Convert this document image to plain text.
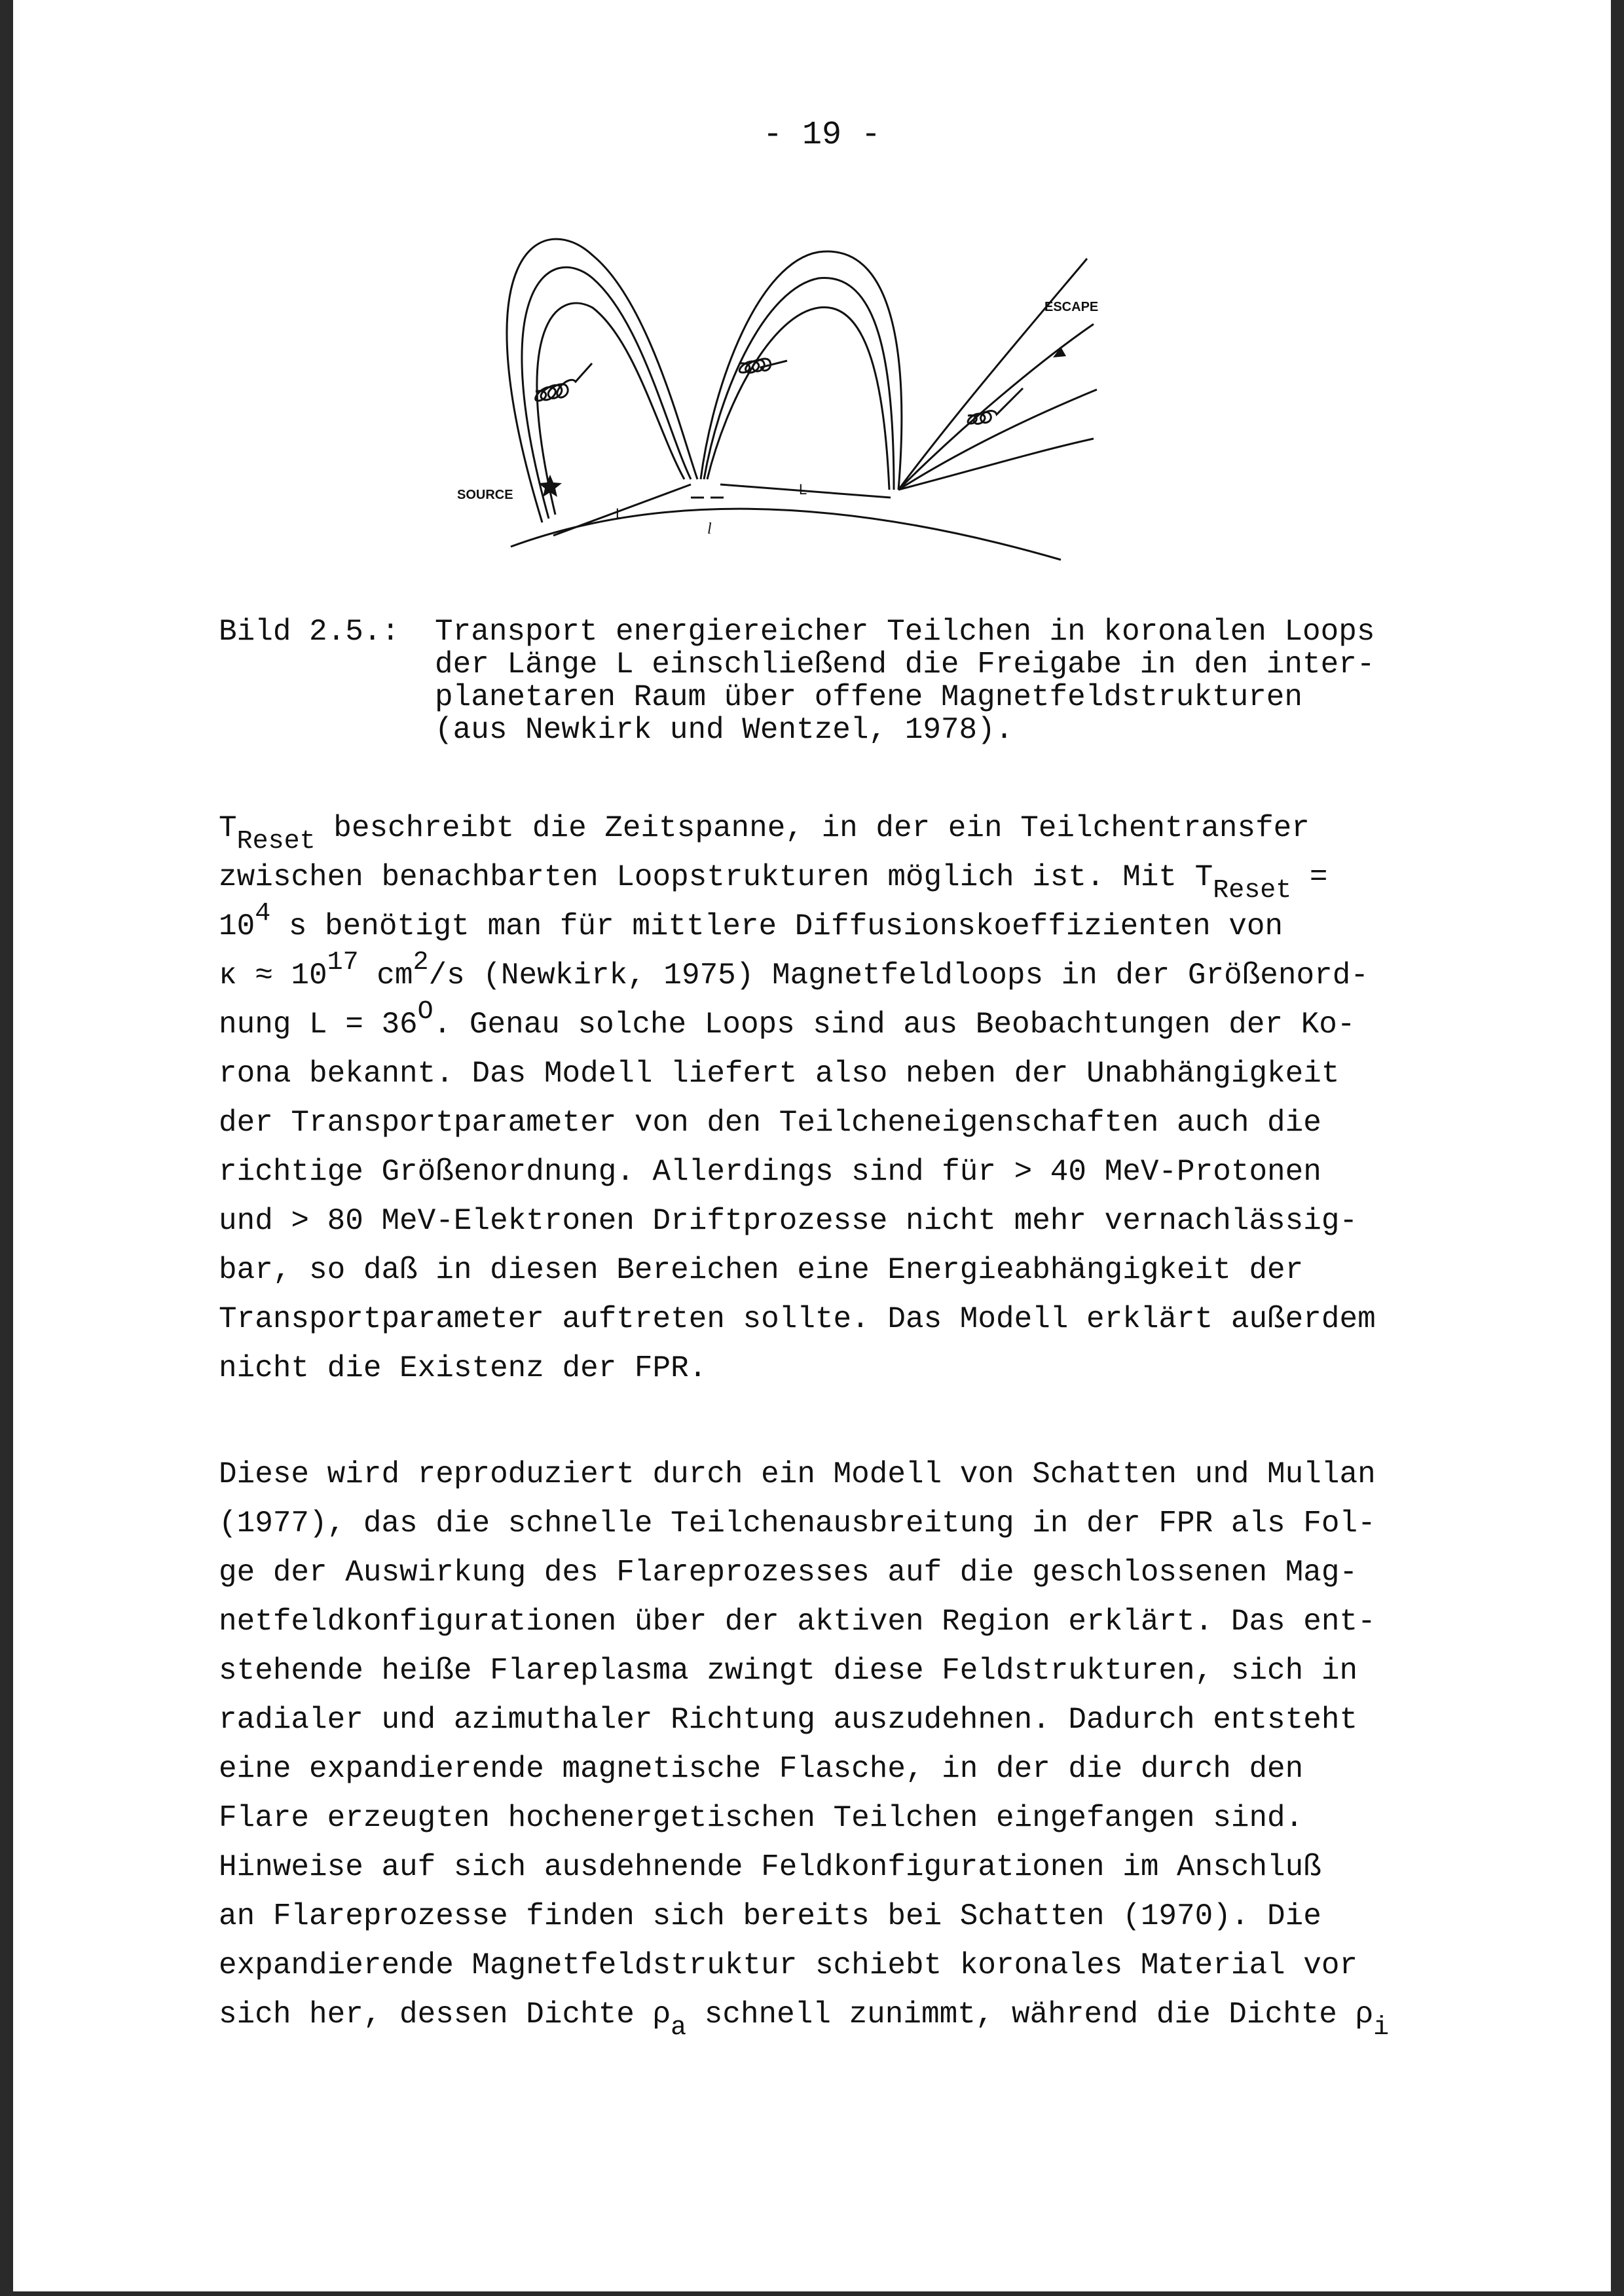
- 19 -
SOURCE
ESCAPE
L
L
l
Bild 2.5.: Transport energiereicher Teilchen in koronalen Loops
der Länge L einschließend die Freigabe in den inter-
planetaren Raum über offene Magnetfeldstrukturen
(aus Newkirk und Wentzel, 1978).
$T_{Reset}$ beschreibt die Zeitspanne, in der ein Teilchentransfer
zwischen benachbarten Loopstrukturen möglich ist. Mit $T_{Reset}$ =
$10^4$ s benötigt man für mittlere Diffusionskoeffizienten von
$\kappa \approx 10^{17}$ $cm^2/s$ (Newkirk, 1975) Magnetfeldloops in der Größenord-
nung $L = 36^O$. Genau solche Loops sind aus Beobachtungen der Ko-
rona bekannt. Das Modell liefert also neben der Unabhängigkeit
der Transportparameter von den Teilcheneigenschaften auch die
richtige Größenordnung. Allerdings sind für > 40 MeV-Protonen
und > 80 MeV-Elektronen Driftprozesse nicht mehr vernachlässig-
bar, so daß in diesen Bereichen eine Energieabhängigkeit der
Transportparameter auftreten sollte. Das Modell erklärt außerdem
nicht die Existenz der FPR.
Diese wird reproduziert durch ein Modell von Schatten und Mullan
(1977), das die schnelle Teilchenausbreitung in der FPR als Fol-
ge der Auswirkung des Flareprozesses auf die geschlossenen Mag-
netfeldkonfigurationen über der aktiven Region erklärt. Das ent-
stehende heiße Flareplasma zwingt diese Feldstrukturen, sich in
radialer und azimuthaler Richtung auszudehnen. Dadurch entsteht
eine expandierende magnetische Flasche, in der die durch den
Flare erzeugten hochenergetischen Teilchen eingefangen sind.
Hinweise auf sich ausdehnende Feldkonfigurationen im Anschluß
an Flareprozesse finden sich bereits bei Schatten (1970). Die
expandierende Magnetfeldstruktur schiebt koronales Material vor
sich her, dessen Dichte $\rho_a$ schnell zunimmt, während die Dichte $\rho_i$
